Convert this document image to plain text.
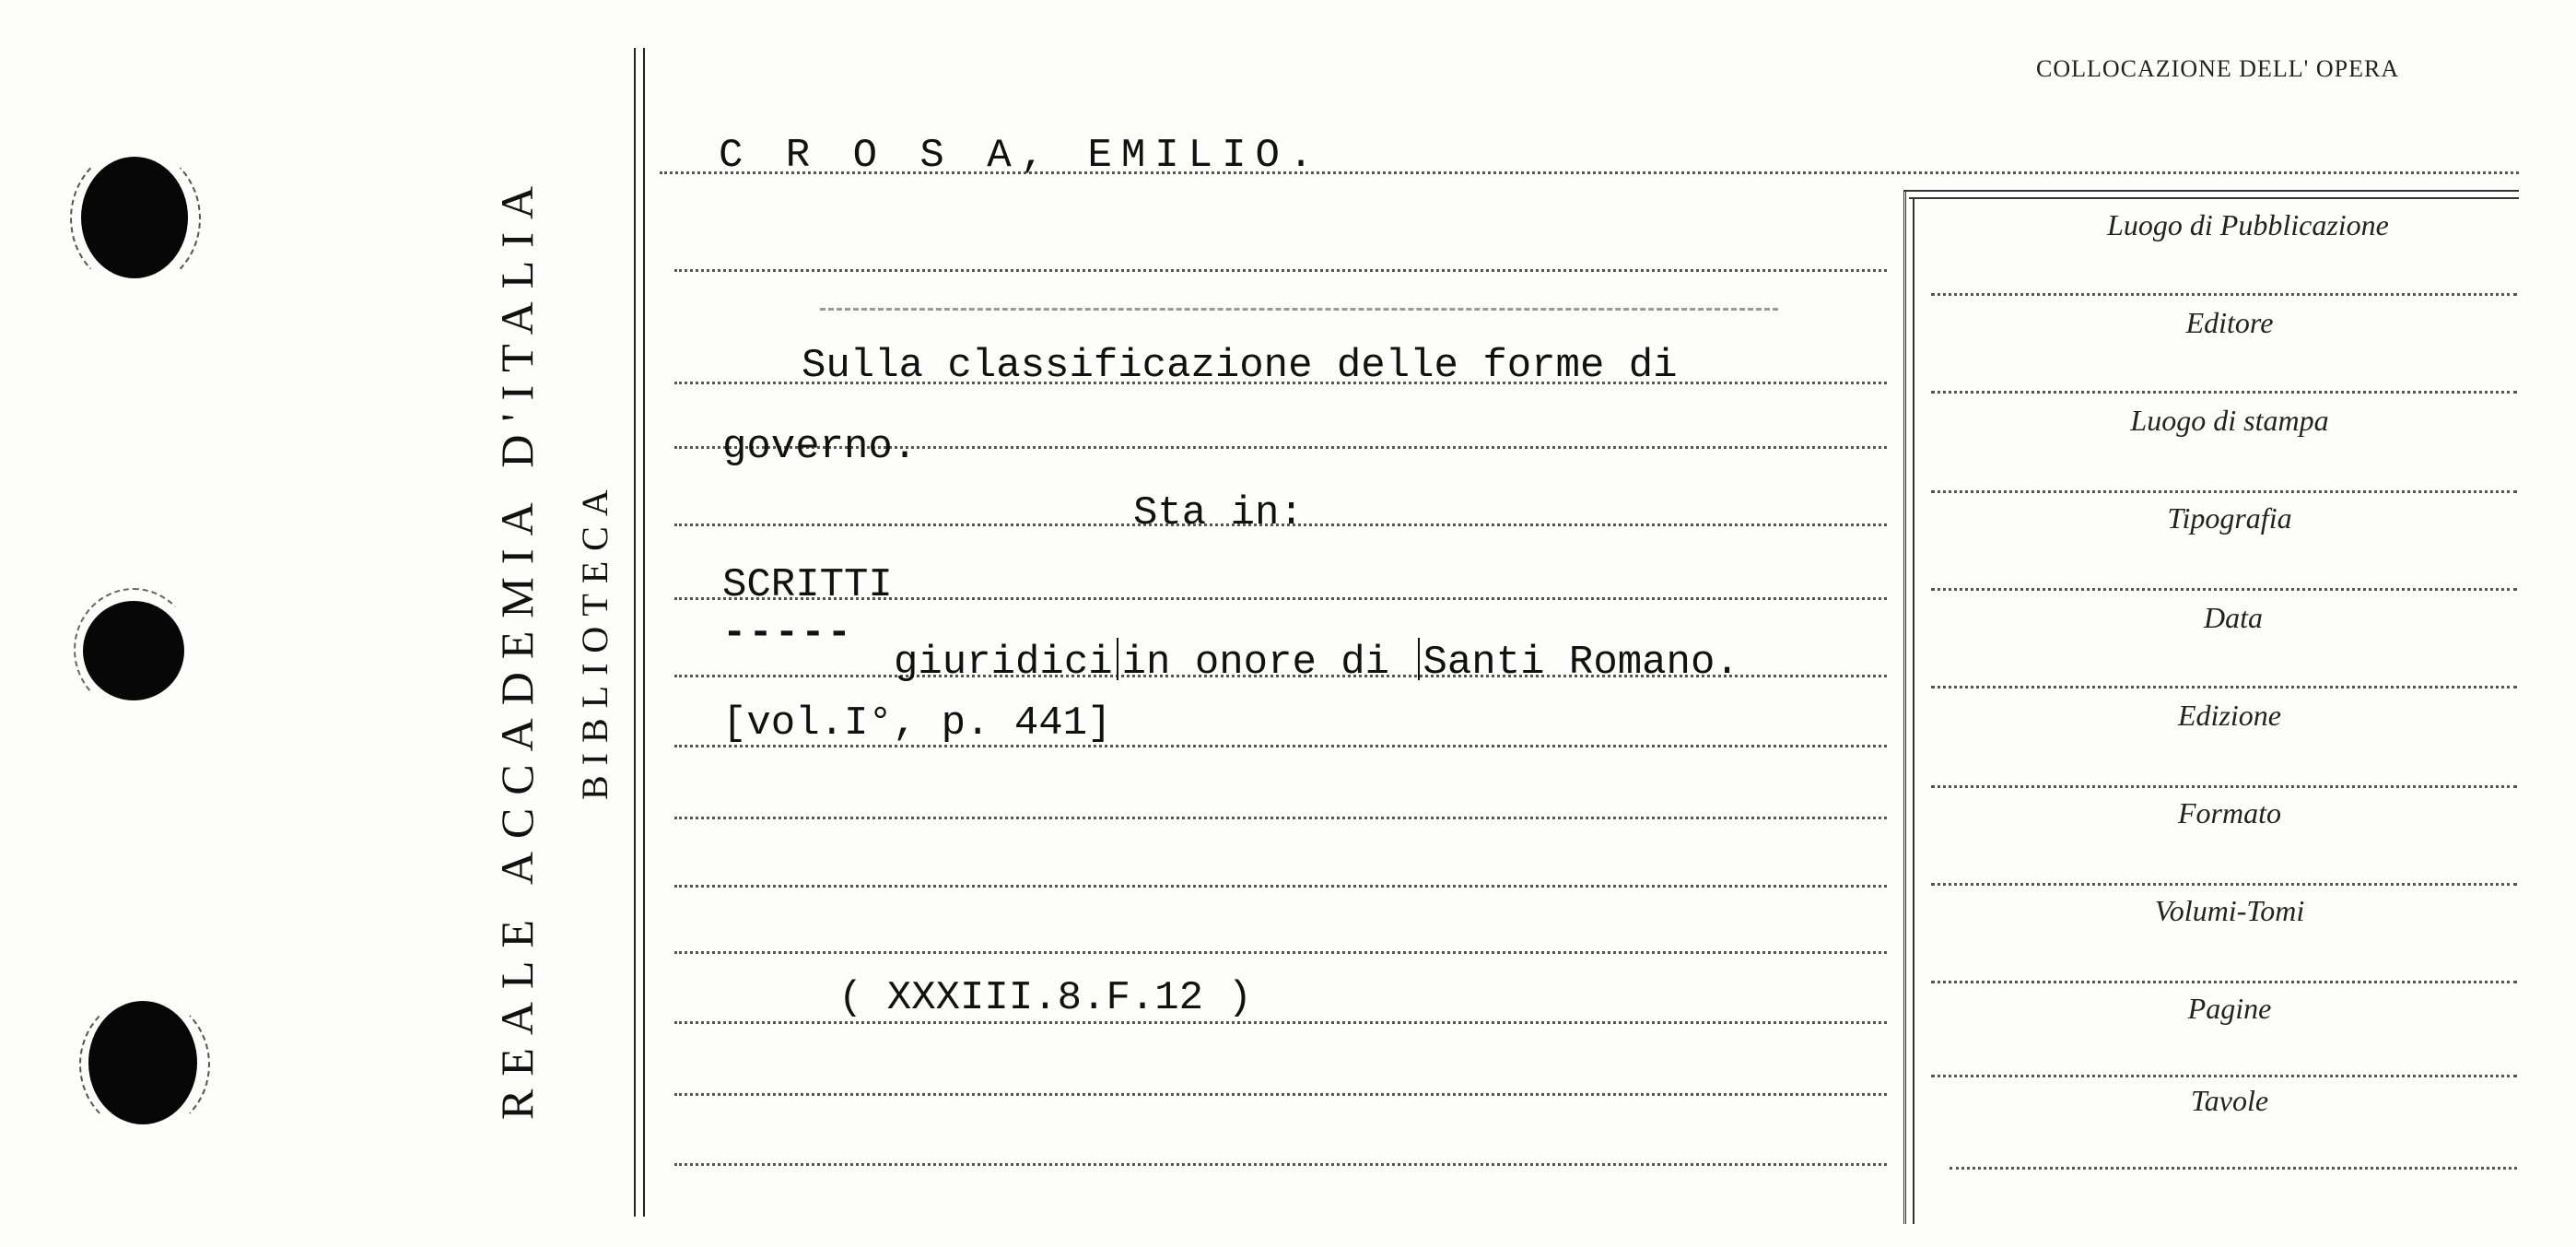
REALE ACCADEMIA D'ITALIA BIBLIOTECA
COLLOCAZIONE DELL' OPERA
Luogo di Pubblicazione
Editore
Luogo di stampa
Tipografia
Data
Edizione
Formato
Volumi-Tomi
Pagine
Tavole
C R O S A, EMILIO.
Sulla classificazione delle forme di
governo.
Sta in:
SCRITTI
-----
giuridici in onore di Santi Romano.
[vol.I°, p. 441]
( XXXIII.8.F.12 )
